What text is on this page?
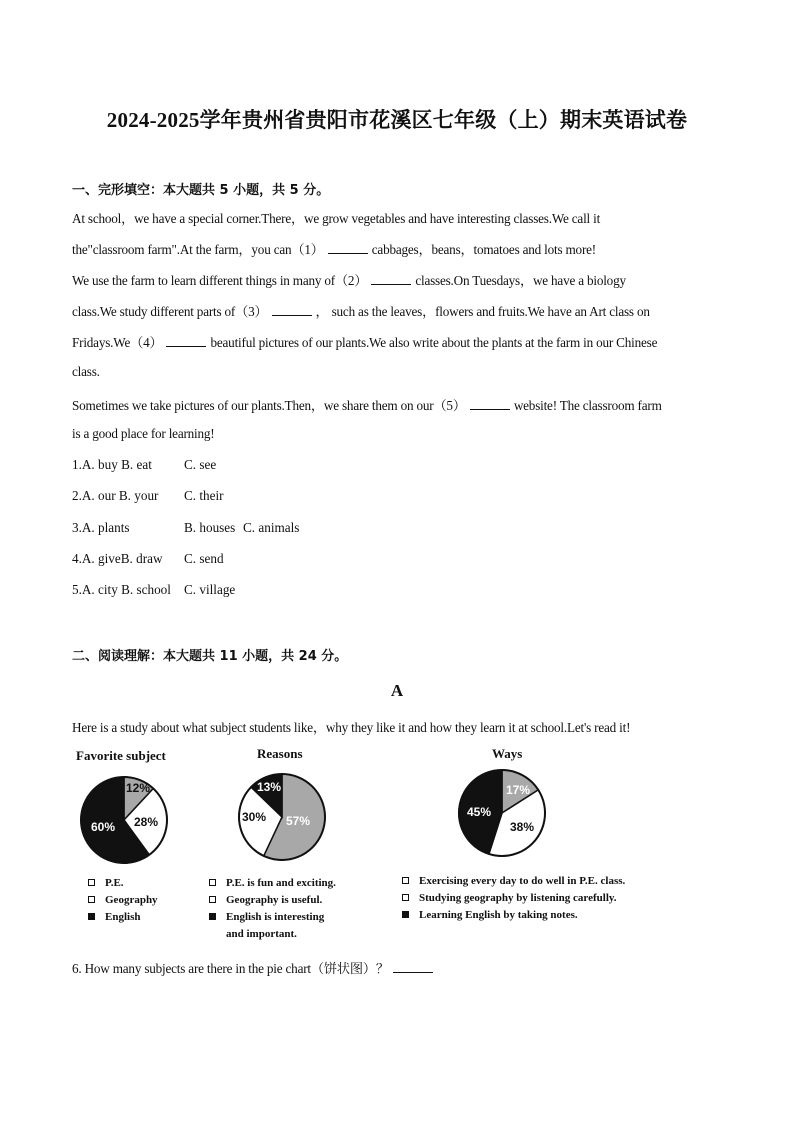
2024-2025学年贵州省贵阳市花溪区七年级（上）期末英语试卷
一、完形填空：本大题共 5 小题，共 5 分。
At school，we have a special corner.There，we grow vegetables and have interesting classes.We call it
the"classroom farm".At the farm，you can（1）	cabbages，beans，tomatoes and lots more!
We use the farm to learn different things in many of（2）	classes.On Tuesdays，we have a biology
class.We study different parts of（3）	， such as the leaves，flowers and fruits.We have an Art class on
Fridays.We（4）	beautiful pictures of our plants.We also write about the plants at the farm in our Chinese
class.
Sometimes we take pictures of our plants.Then，we share them on our（5）	website! The classroom farm
is a good place for learning!
1.A. buy B. eat C. see
2.A. our B. your C. their
3.A. plants	B. houses C. animals
4.A. giveB. draw C. send
5.A. city B. school C. village
二、阅读理解：本大题共 11 小题，共 24 分。
A
Here is a study about what subject students like，why they like it and how they learn it at school.Let's read it!
Favorite subject
12%
28%
60%
P.E.
Geography
English
Reasons
13%
30% 57%
P.E. is fun and exciting.
Geography is useful.
English is interesting
and important.
Ways
17%
38%
45%
Exercising every day to do well in P.E. class.
Studying geography by listening carefully.
Learning English by taking notes.
6. How many subjects are there in the pie chart（饼状图）？
